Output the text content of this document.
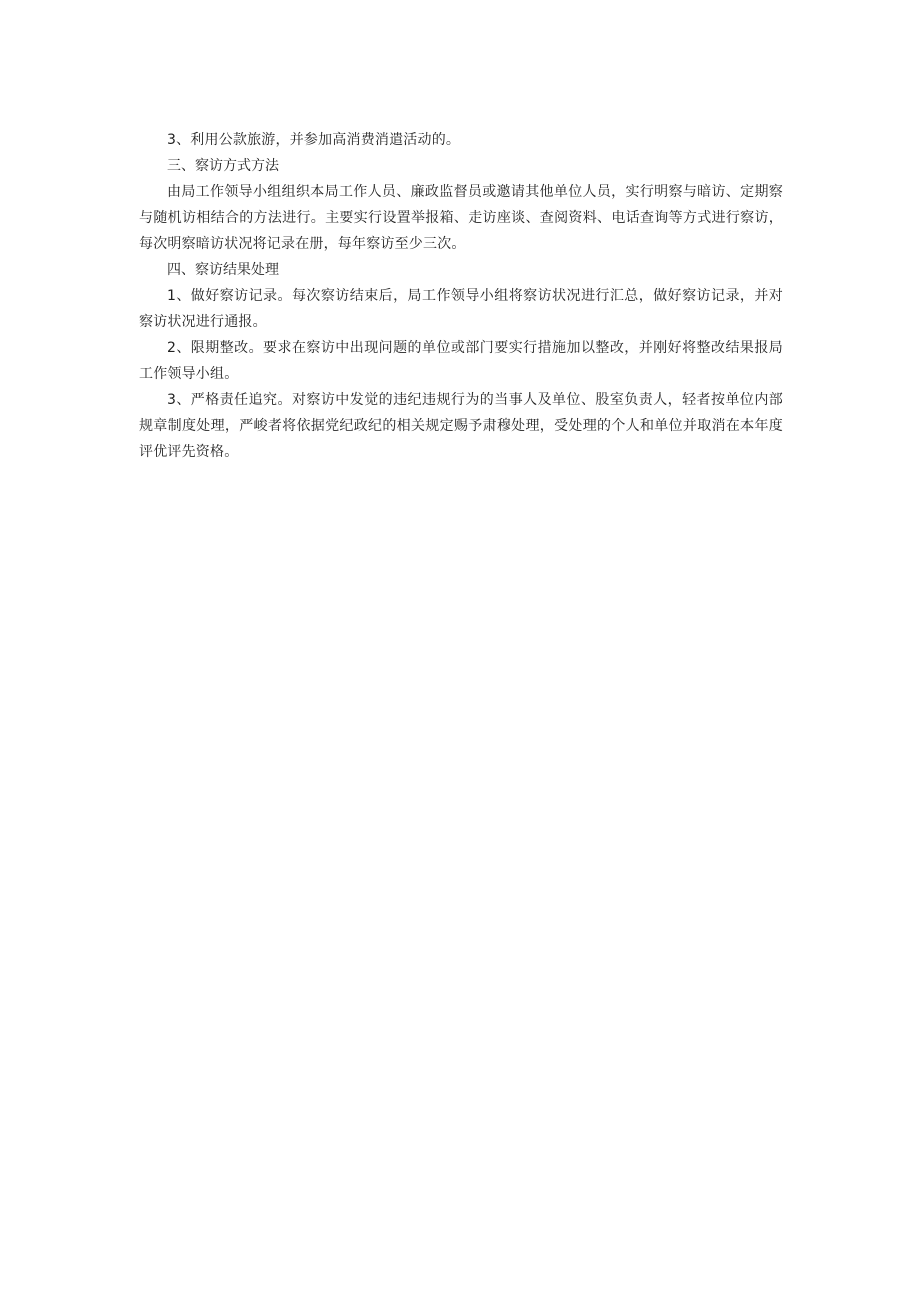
3、利用公款旅游，并参加高消费消遣活动的。

三、察访方式方法

由局工作领导小组组织本局工作人员、廉政监督员或邀请其他单位人员，实行明察与暗访、定期察与随机访相结合的方法进行。主要实行设置举报箱、走访座谈、查阅资料、电话查询等方式进行察访，每次明察暗访状况将记录在册，每年察访至少三次。

四、察访结果处理

1、做好察访记录。每次察访结束后，局工作领导小组将察访状况进行汇总，做好察访记录，并对察访状况进行通报。

2、限期整改。要求在察访中出现问题的单位或部门要实行措施加以整改，并刚好将整改结果报局工作领导小组。

3、严格责任追究。对察访中发觉的违纪违规行为的当事人及单位、股室负责人，轻者按单位内部规章制度处理，严峻者将依据党纪政纪的相关规定赐予肃穆处理，受处理的个人和单位并取消在本年度评优评先资格。
